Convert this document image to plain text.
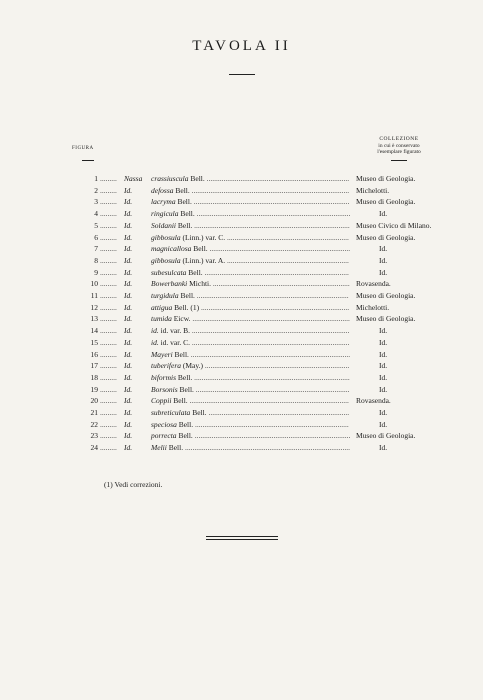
TAVOLA II
FIGURA
COLLEZIONE
in cui è conservato
l'esemplare figurato
1 ......... Nassa crassiuscula Bell. ............................................................................ Museo di Geologia.
2 ......... Id.	defossa Bell. .................................................................................... Michelotti.
3 ......... Id.	lacryma Bell. ................................................................................... Museo di Geologia.
4 ......... Id.	ringicula Bell. ..................................................................................	Id.
5 ......... Id.	Soldanii Bell. ................................................................................... Museo Civico di Milano.
6 ......... Id.	gibbosula (Linn.) var. C. ................................................................. Museo di Geologia.
7 ......... Id.	magnicallosa Bell. ...........................................................................	Id.
8 ......... Id.	gibbosula (Linn.) var. A. .................................................................	Id.
9 ......... Id.	subesulcata Bell. .............................................................................	Id.
10 ......... Id.	Bowerbanki Michti. ......................................................................... Rovasenda.
11 ......... Id.	turgidula Bell. ................................................................................. Museo di Geologia.
12 ......... Id.	attigua Bell. (1) ............................................................................... Michelotti.
13 ......... Id.	tumida Eicw. .................................................................................... Museo di Geologia.
14 ......... Id.	id. id. var. B. ....................................................................................	Id.
15 ......... Id.	id. id. var. C. ....................................................................................	Id.
16 ......... Id.	Mayeri Bell. .....................................................................................	Id.
17 ......... Id.	tuberifera (May.) .............................................................................	Id.
18 ......... Id.	biformis Bell. ...................................................................................	Id.
19 ......... Id.	Borsonis Bell. ..................................................................................	Id.
20 ......... Id.	Coppii Bell. ..................................................................................... Rovasenda.
21 ......... Id.	subreticulata Bell. ...........................................................................	Id.
22 ......... Id.	speciosa Bell. ..................................................................................	Id.
23 ......... Id.	porrecta Bell. ................................................................................... Museo di Geologia.
24 ......... Id.	Melii Bell. ........................................................................................	Id.
(1) Vedi correzioni.
